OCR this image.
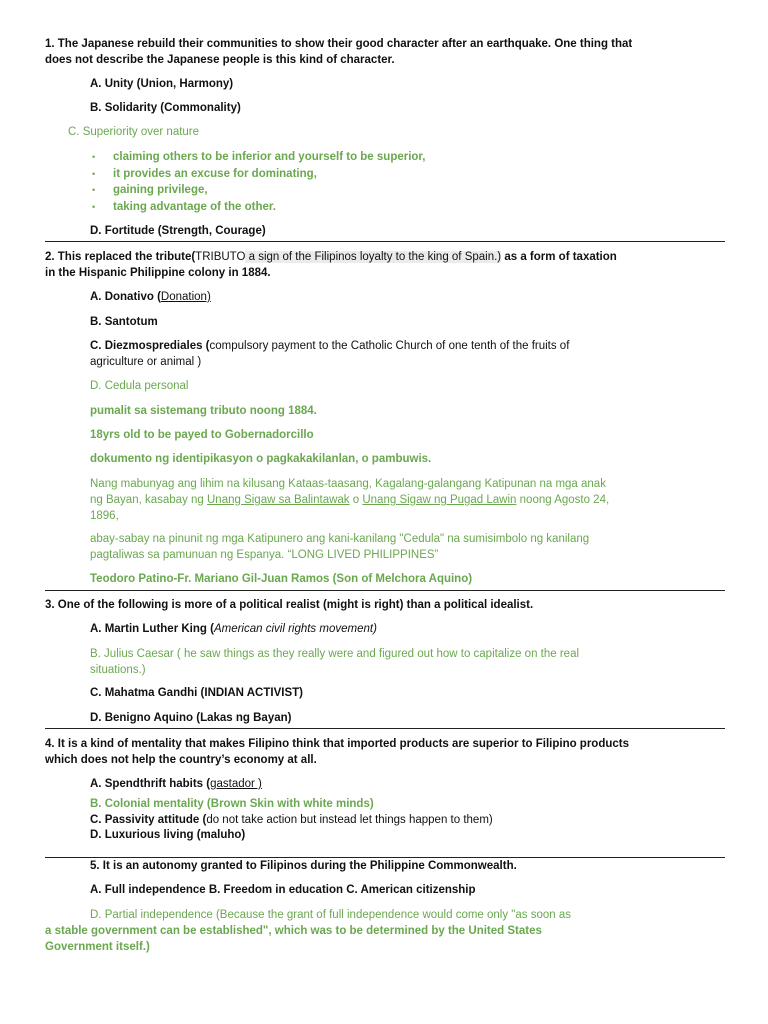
1. The Japanese rebuild their communities to show their good character after an earthquake. One thing that
does not describe the Japanese people is this kind of character.
A. Unity (Union, Harmony)
B. Solidarity (Commonality)
C. Superiority over nature
• claiming others to be inferior and yourself to be superior,
• it provides an excuse for dominating,
• gaining privilege,
• taking advantage of the other.
D. Fortitude (Strength, Courage)
2. This replaced the tribute(TRIBUTO a sign of the Filipinos loyalty to the king of Spain.) as a form of taxation
in the Hispanic Philippine colony in 1884.
A. Donativo (Donation)
B. Santotum
C. Diezmosprediales (compulsory payment to the Catholic Church of one tenth of the fruits of
agriculture or animal )
D. Cedula personal
pumalit sa sistemang tributo noong 1884.
18yrs old to be payed to Gobernadorcillo
dokumento ng identipikasyon o pagkakakilanlan, o pambuwis.
Nang mabunyag ang lihim na kilusang Kataas-taasang, Kagalang-galangang Katipunan na mga anak
ng Bayan, kasabay ng Unang Sigaw sa Balintawak o Unang Sigaw ng Pugad Lawin noong Agosto 24,
1896,
abay-sabay na pinunit ng mga Katipunero ang kani-kanilang "Cedula" na sumisimbolo ng kanilang
pagtaliwas sa pamunuan ng Espanya. “LONG LIVED PHILIPPINES”
Teodoro Patino-Fr. Mariano Gil-Juan Ramos (Son of Melchora Aquino)
3. One of the following is more of a political realist (might is right) than a political idealist.
A. Martin Luther King (American civil rights movement)
B. Julius Caesar ( he saw things as they really were and figured out how to capitalize on the real
situations.)
C. Mahatma Gandhi (INDIAN ACTIVIST)
D. Benigno Aquino (Lakas ng Bayan)
4. It is a kind of mentality that makes Filipino think that imported products are superior to Filipino products
which does not help the country’s economy at all.
A. Spendthrift habits (gastador )
B. Colonial mentality (Brown Skin with white minds)
C. Passivity attitude (do not take action but instead let things happen to them)
D. Luxurious living (maluho)
5. It is an autonomy granted to Filipinos during the Philippine Commonwealth.
A. Full independence B. Freedom in education C. American citizenship
D. Partial independence (Because the grant of full independence would come only "as soon as
a stable government can be established", which was to be determined by the United States
Government itself.)
